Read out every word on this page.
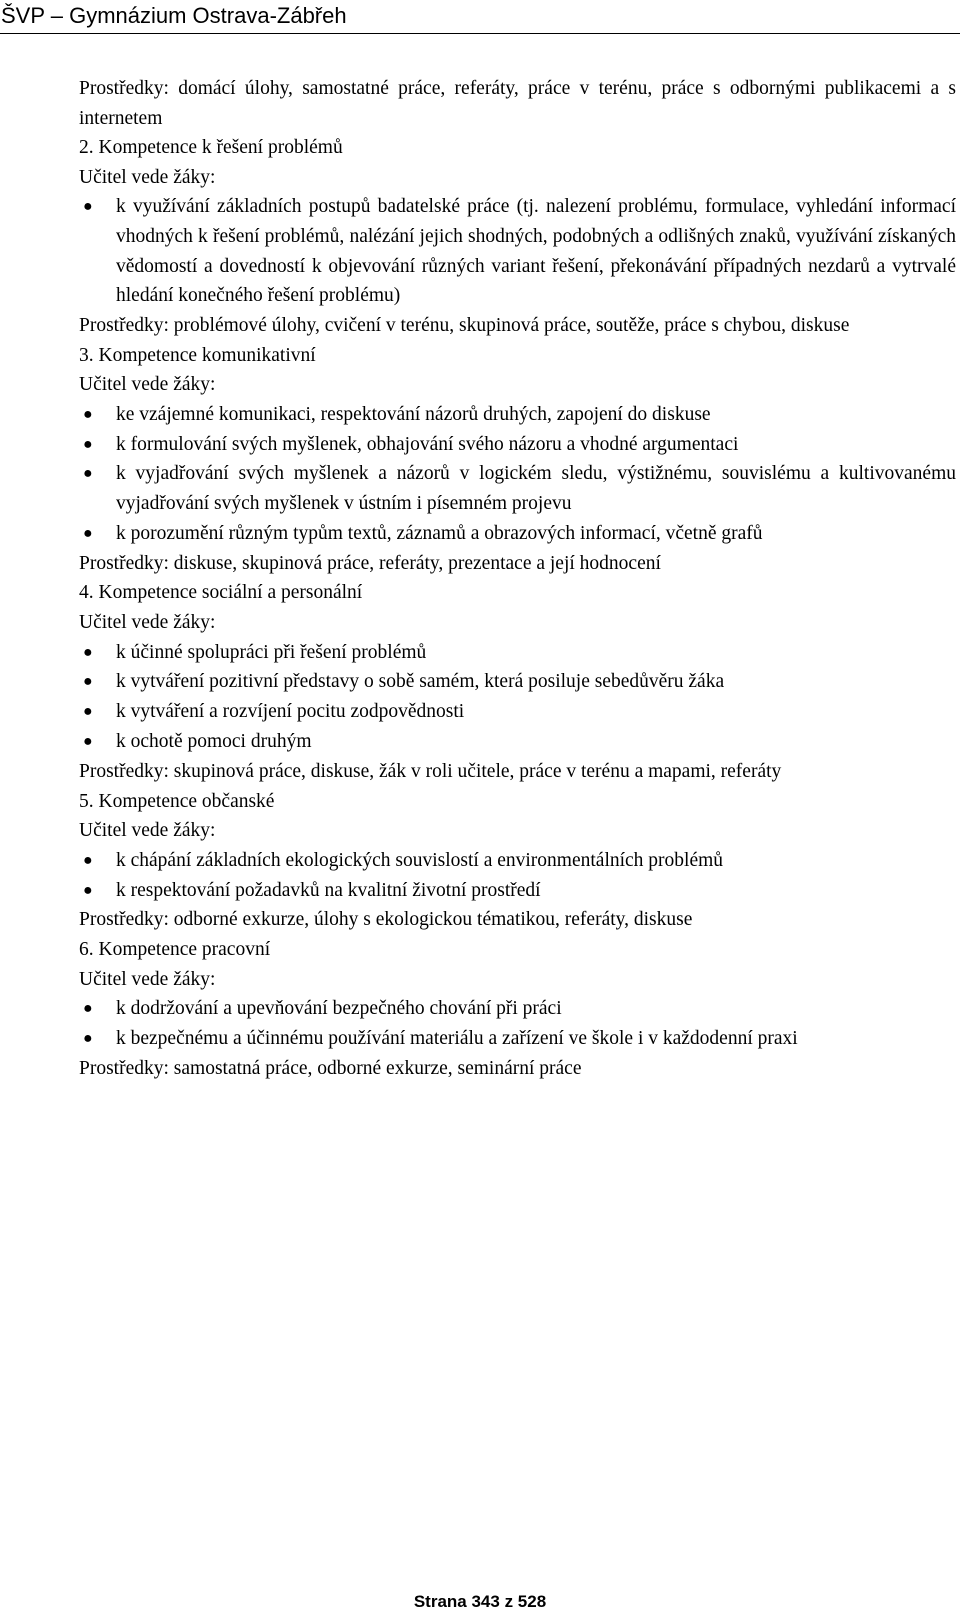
ŠVP – Gymnázium Ostrava-Zábřeh

Prostředky: domácí úlohy, samostatné práce, referáty, práce v terénu, práce s odbornými publikacemi a s internetem

2. Kompetence k řešení problémů

Učitel vede žáky:

● k využívání základních postupů badatelské práce (tj. nalezení problému, formulace, vyhledání informací vhodných k řešení problémů, nalézání jejich shodných, podobných a odlišných znaků, využívání získaných vědomostí a dovedností k objevování různých variant řešení, překonávání případných nezdarů a vytrvalé hledání konečného řešení problému)

Prostředky: problémové úlohy, cvičení v terénu, skupinová práce, soutěže, práce s chybou, diskuse

3. Kompetence komunikativní

Učitel vede žáky:

● ke vzájemné komunikaci, respektování názorů druhých, zapojení do diskuse
● k formulování svých myšlenek, obhajování svého názoru a vhodné argumentaci
● k vyjadřování svých myšlenek a názorů v logickém sledu, výstižnému, souvislému a kultivovanému vyjadřování svých myšlenek v ústním i písemném projevu
● k porozumění různým typům textů, záznamů a obrazových informací, včetně grafů

Prostředky: diskuse, skupinová práce, referáty, prezentace a její hodnocení

4. Kompetence sociální a personální

Učitel vede žáky:

● k účinné spolupráci při řešení problémů
● k vytváření pozitivní představy o sobě samém, která posiluje sebedůvěru žáka
● k vytváření a rozvíjení pocitu zodpovědnosti
● k ochotě pomoci druhým

Prostředky: skupinová práce, diskuse, žák v roli učitele, práce v terénu a mapami, referáty

5. Kompetence občanské

Učitel vede žáky:

● k chápání základních ekologických souvislostí a environmentálních problémů
● k respektování požadavků na kvalitní životní prostředí

Prostředky: odborné exkurze, úlohy s ekologickou tématikou, referáty, diskuse

6. Kompetence pracovní

Učitel vede žáky:

● k dodržování a upevňování bezpečného chování při práci
● k bezpečnému a účinnému používání materiálu a zařízení ve škole i v každodenní praxi

Prostředky: samostatná práce, odborné exkurze, seminární práce

Strana 343 z 528
